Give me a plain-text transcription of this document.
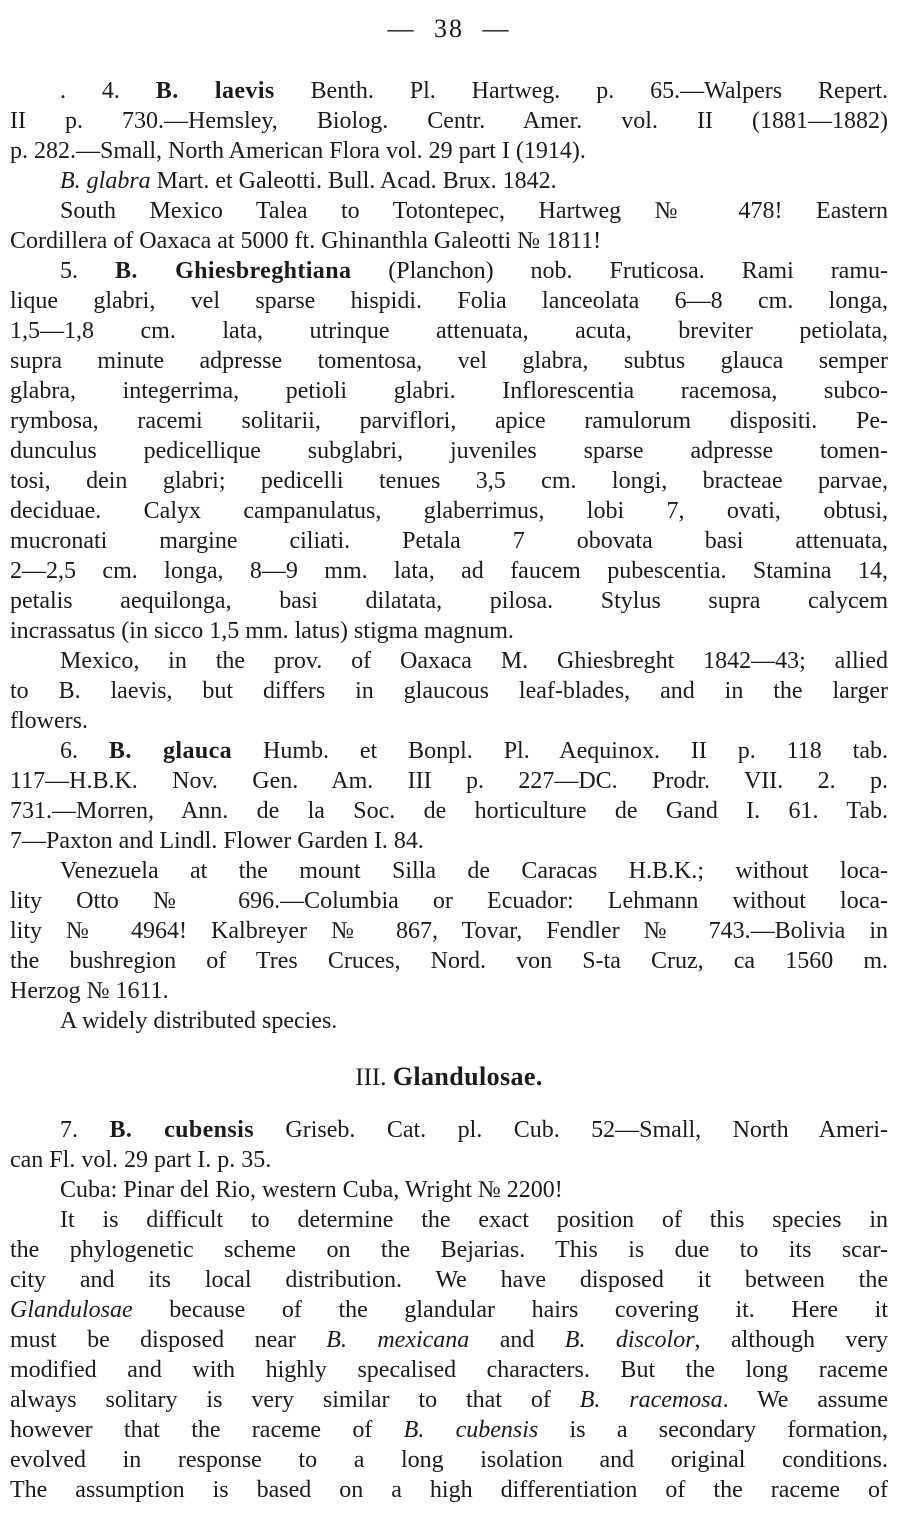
— 38 —
. 4. B. laevis Benth. Pl. Hartweg. p. 65.—Walpers Repert.
II p. 730.—Hemsley, Biolog. Centr. Amer. vol. II (1881—1882)
p. 282.—Small, North American Flora vol. 29 part I (1914).
B. glabra Mart. et Galeotti. Bull. Acad. Brux. 1842.
South Mexico Talea to Totontepec, Hartweg № 478! Eastern
Cordillera of Oaxaca at 5000 ft. Ghinanthla Galeotti № 1811!
5. B. Ghiesbreghtiana (Planchon) nob. Fruticosa. Rami ramu-
lique glabri, vel sparse hispidi. Folia lanceolata 6—8 cm. longa,
1,5—1,8 cm. lata, utrinque attenuata, acuta, breviter petiolata,
supra minute adpresse tomentosa, vel glabra, subtus glauca semper
glabra, integerrima, petioli glabri. Inflorescentia racemosa, subco-
rymbosa, racemi solitarii, parviflori, apice ramulorum dispositi. Pe-
dunculus pedicellique subglabri, juveniles sparse adpresse tomen-
tosi, dein glabri; pedicelli tenues 3,5 cm. longi, bracteae parvae,
deciduae. Calyx campanulatus, glaberrimus, lobi 7, ovati, obtusi,
mucronati margine ciliati. Petala 7 obovata basi attenuata,
2—2,5 cm. longa, 8—9 mm. lata, ad faucem pubescentia. Stamina 14,
petalis aequilonga, basi dilatata, pilosa. Stylus supra calycem
incrassatus (in sicco 1,5 mm. latus) stigma magnum.
Mexico, in the prov. of Oaxaca M. Ghiesbreght 1842—43; allied
to B. laevis, but differs in glaucous leaf-blades, and in the larger
flowers.
6. B. glauca Humb. et Bonpl. Pl. Aequinox. II p. 118 tab.
117—H.B.K. Nov. Gen. Am. III p. 227—DC. Prodr. VII. 2. p.
731.—Morren, Ann. de la Soc. de horticulture de Gand I. 61. Tab.
7—Paxton and Lindl. Flower Garden I. 84.
Venezuela at the mount Silla de Caracas H.B.K.; without loca-
lity Otto № 696.—Columbia or Ecuador: Lehmann without loca-
lity № 4964! Kalbreyer № 867, Tovar, Fendler № 743.—Bolivia in
the bushregion of Tres Cruces, Nord. von S-ta Cruz, ca 1560 m.
Herzog № 1611.
A widely distributed species.
III. Glandulosae.
7. B. cubensis Griseb. Cat. pl. Cub. 52—Small, North Ameri-
can Fl. vol. 29 part I. p. 35.
Cuba: Pinar del Rio, western Cuba, Wright № 2200!
It is difficult to determine the exact position of this species in
the phylogenetic scheme on the Bejarias. This is due to its scar-
city and its local distribution. We have disposed it between the
Glandulosae because of the glandular hairs covering it. Here it
must be disposed near B. mexicana and B. discolor, although very
modified and with highly specalised characters. But the long raceme
always solitary is very similar to that of B. racemosa. We assume
however that the raceme of B. cubensis is a secondary formation,
evolved in response to a long isolation and original conditions.
The assumption is based on a high differentiation of the raceme of
